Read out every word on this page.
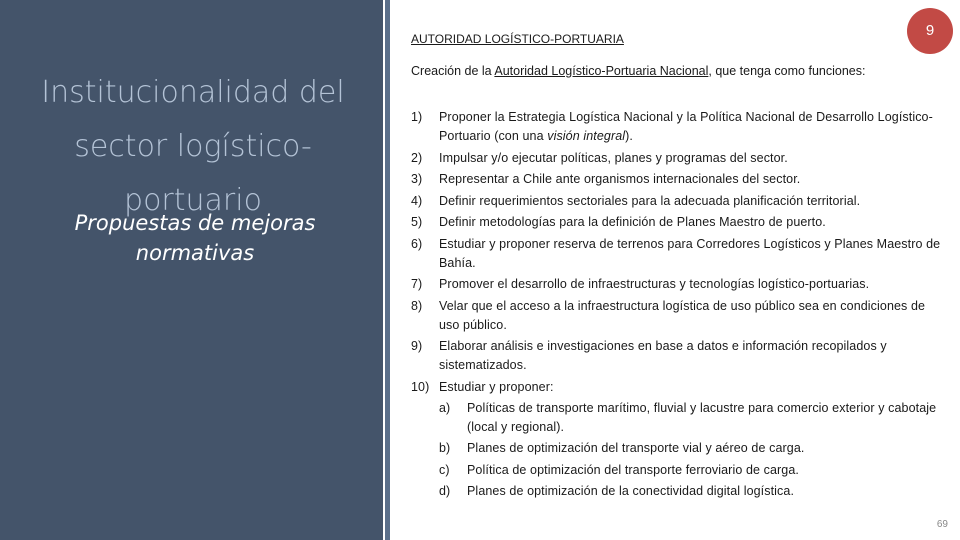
Institucionalidad del sector logístico-portuario
Propuestas de mejoras normativas
AUTORIDAD LOGÍSTICO-PORTUARIA	9
Creación de la Autoridad Logístico-Portuaria Nacional, que tenga como funciones:
1)	Proponer la Estrategia Logística Nacional y la Política Nacional de Desarrollo Logístico-Portuario (con una visión integral).
2)	Impulsar y/o ejecutar políticas, planes y programas del sector.
3)	Representar a Chile ante organismos internacionales del sector.
4)	Definir requerimientos sectoriales para la adecuada planificación territorial.
5)	Definir metodologías para la definición de Planes Maestro de puerto.
6)	Estudiar y proponer reserva de terrenos para Corredores Logísticos y Planes Maestro de Bahía.
7)	Promover el desarrollo de infraestructuras y tecnologías logístico-portuarias.
8)	Velar que el acceso a la infraestructura logística de uso público sea en condiciones de uso público.
9)	Elaborar análisis e investigaciones en base a datos e información recopilados y sistematizados.
10) Estudiar y proponer:
a)	Políticas de transporte marítimo, fluvial y lacustre para comercio exterior y cabotaje (local y regional).
b)	Planes de optimización del transporte vial y aéreo de carga.
c)	Política de optimización del transporte ferroviario de carga.
d)	Planes de optimización de la conectividad digital logística.
69
